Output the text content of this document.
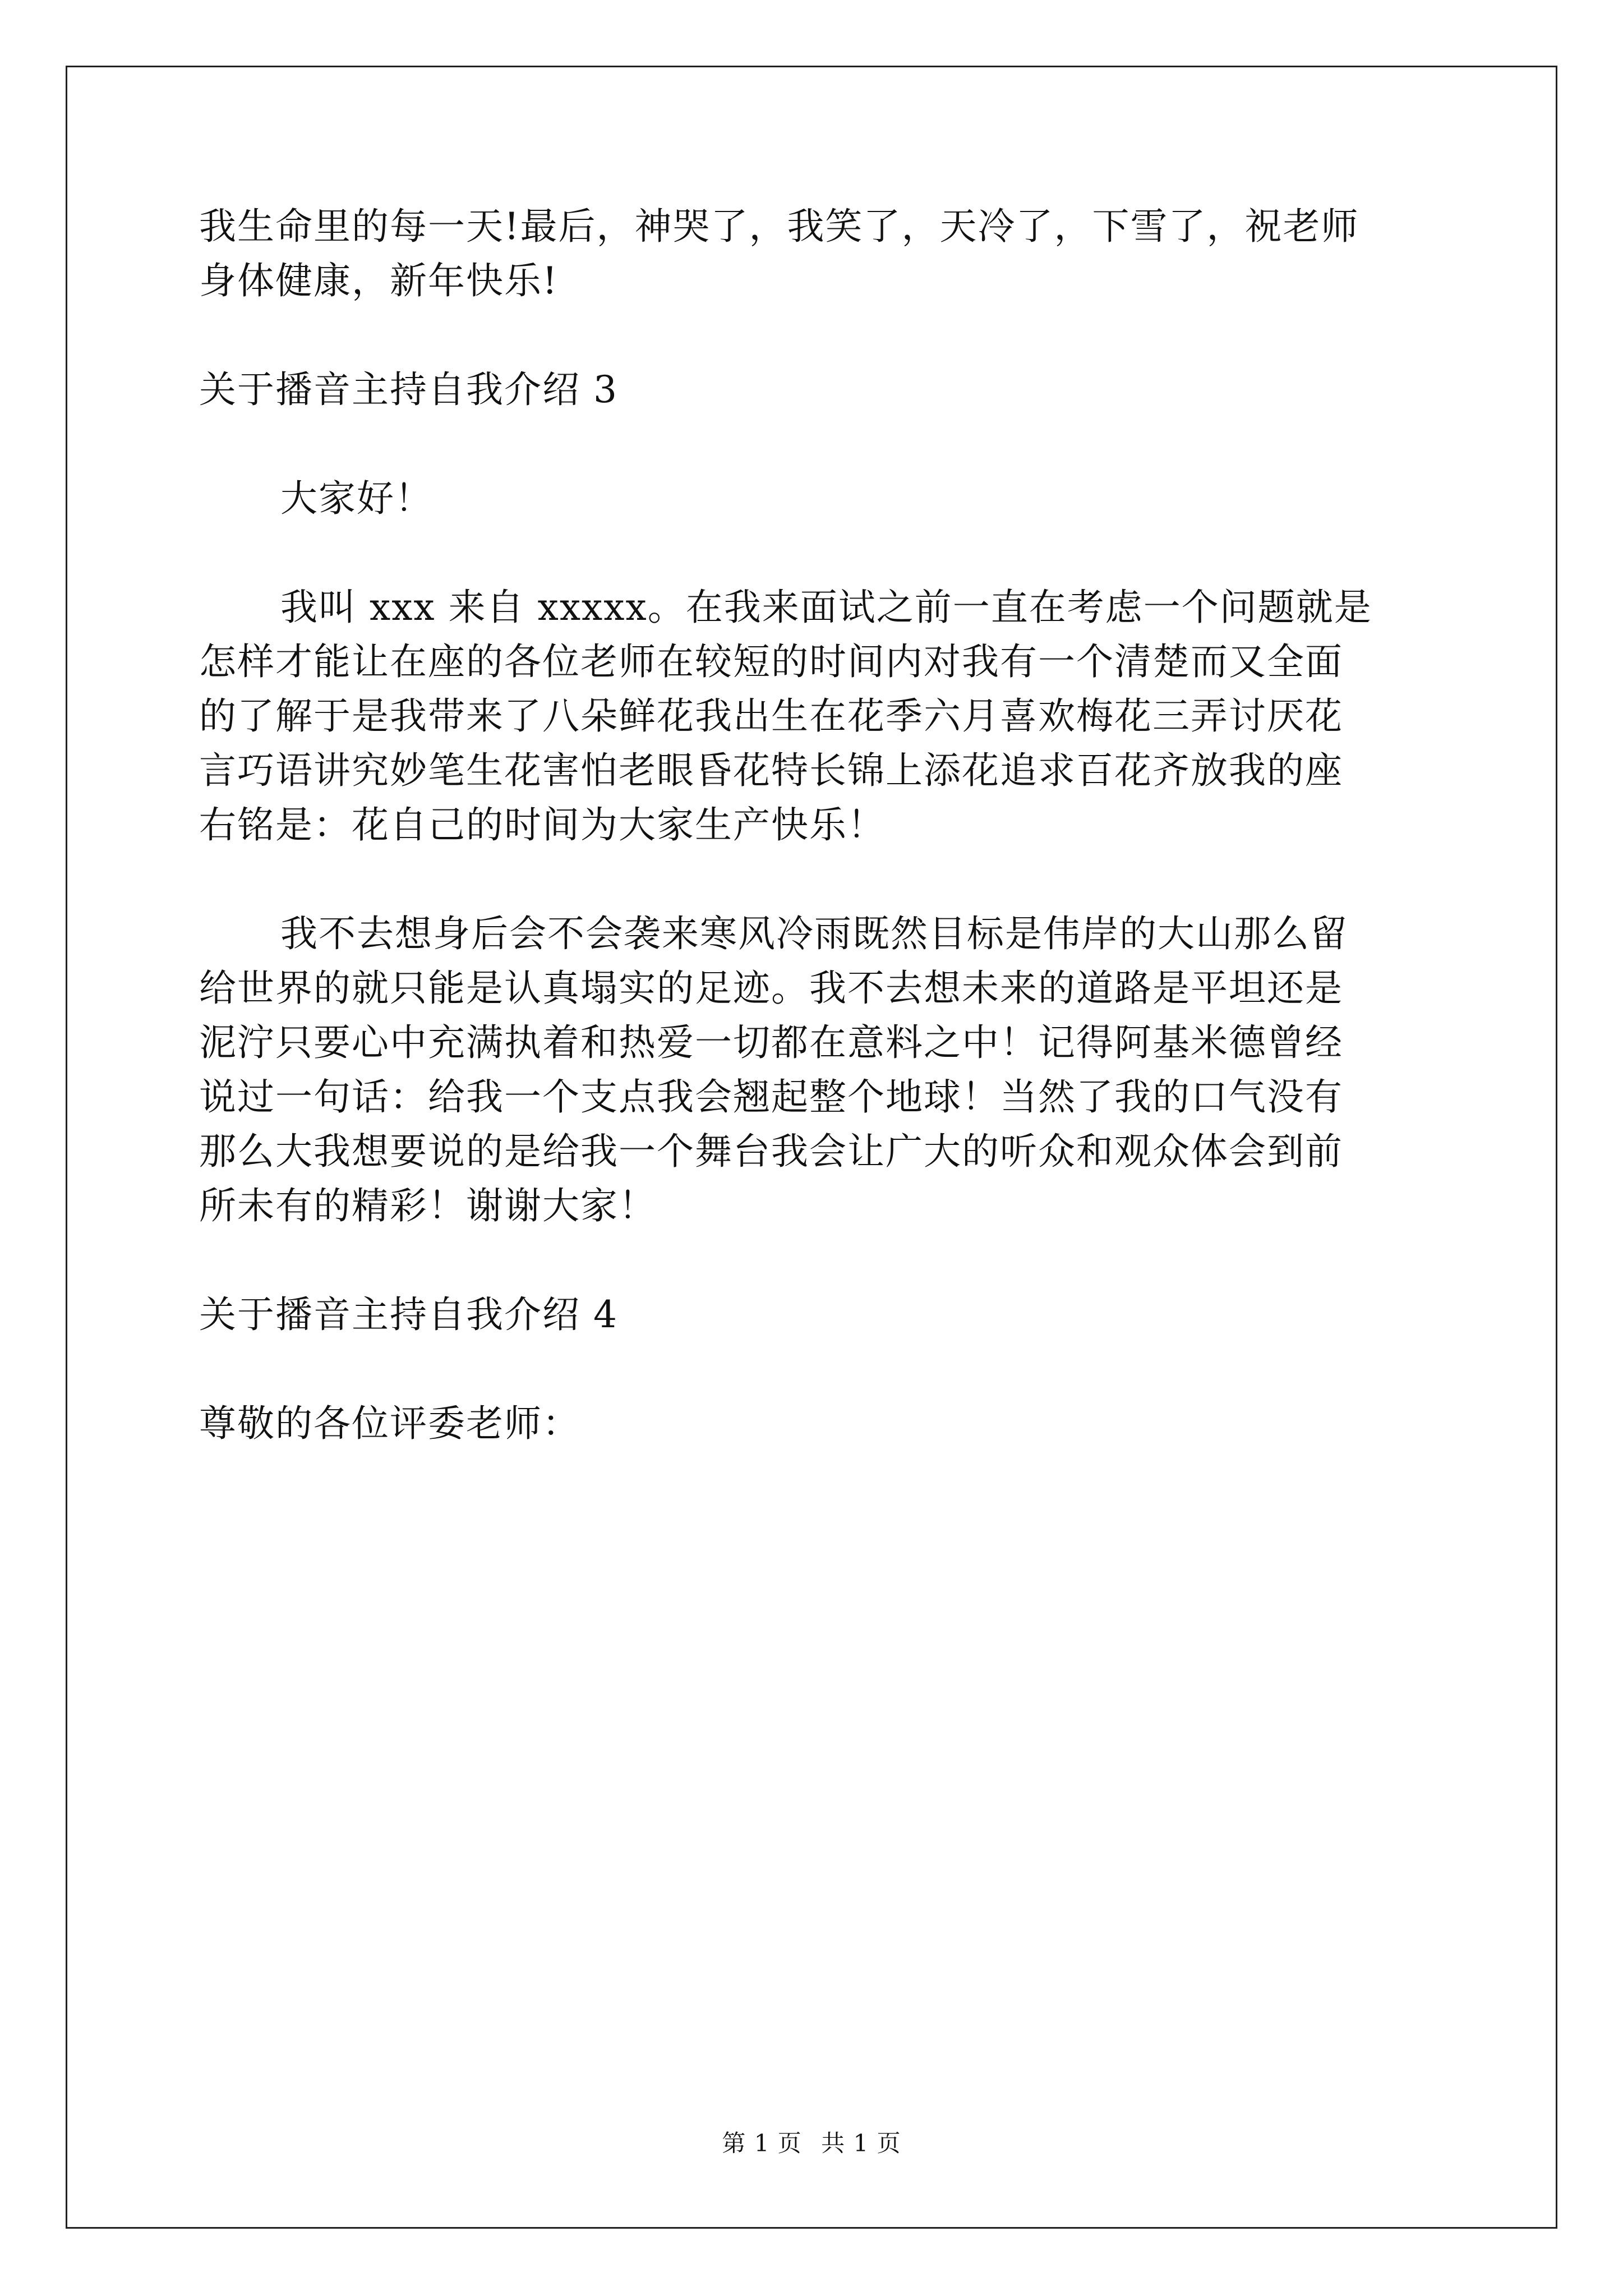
我生命里的每一天!最后，神哭了，我笑了，天冷了，下雪了，祝老师

身体健康，新年快乐!

关于播音主持自我介绍 3

大家好！

我叫 xxx 来自 xxxxx。在我来面试之前一直在考虑一个问题就是

怎样才能让在座的各位老师在较短的时间内对我有一个清楚而又全面

的了解于是我带来了八朵鲜花我出生在花季六月喜欢梅花三弄讨厌花

言巧语讲究妙笔生花害怕老眼昏花特长锦上添花追求百花齐放我的座

右铭是：花自己的时间为大家生产快乐！

我不去想身后会不会袭来寒风冷雨既然目标是伟岸的大山那么留

给世界的就只能是认真塌实的足迹。我不去想未来的道路是平坦还是

泥泞只要心中充满执着和热爱一切都在意料之中！记得阿基米德曾经

说过一句话：给我一个支点我会翘起整个地球！当然了我的口气没有

那么大我想要说的是给我一个舞台我会让广大的听众和观众体会到前

所未有的精彩！谢谢大家！

关于播音主持自我介绍 4

尊敬的各位评委老师：

第 1 页 共 1 页
